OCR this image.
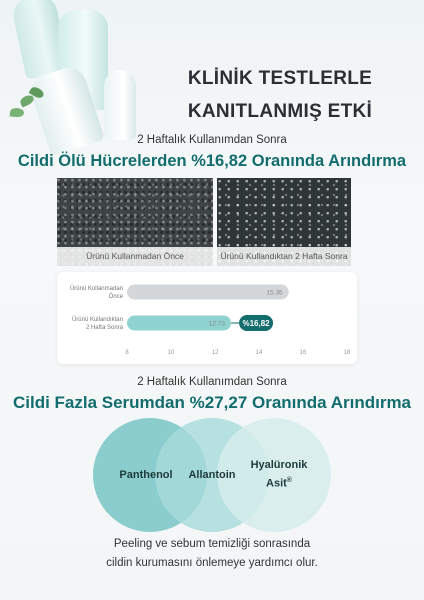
KLİNİK TESTLERLE
KANITLANMIŞ ETKİ
2 Haftalık Kullanımdan Sonra
Cildi Ölü Hücrelerden %16,82 Oranında Arındırma
Ürünü Kullanmadan Önce	Ürünü Kullandıktan 2 Hafta Sonra
Ürünü Kullanmadan
Önce
Ürünü Kullandıktan
2 Hafta Sonra
15.35
12.73 %16,82
8	10	12	14	16	18
2 Haftalık Kullanımdan Sonra
Cildi Fazla Serumdan %27,27 Oranında Arındırma
Panthenol Allantoin
Hyalüronik
Asit®
Peeling ve sebum temizliği sonrasında
cildin kurumasını önlemeye yardımcı olur.
